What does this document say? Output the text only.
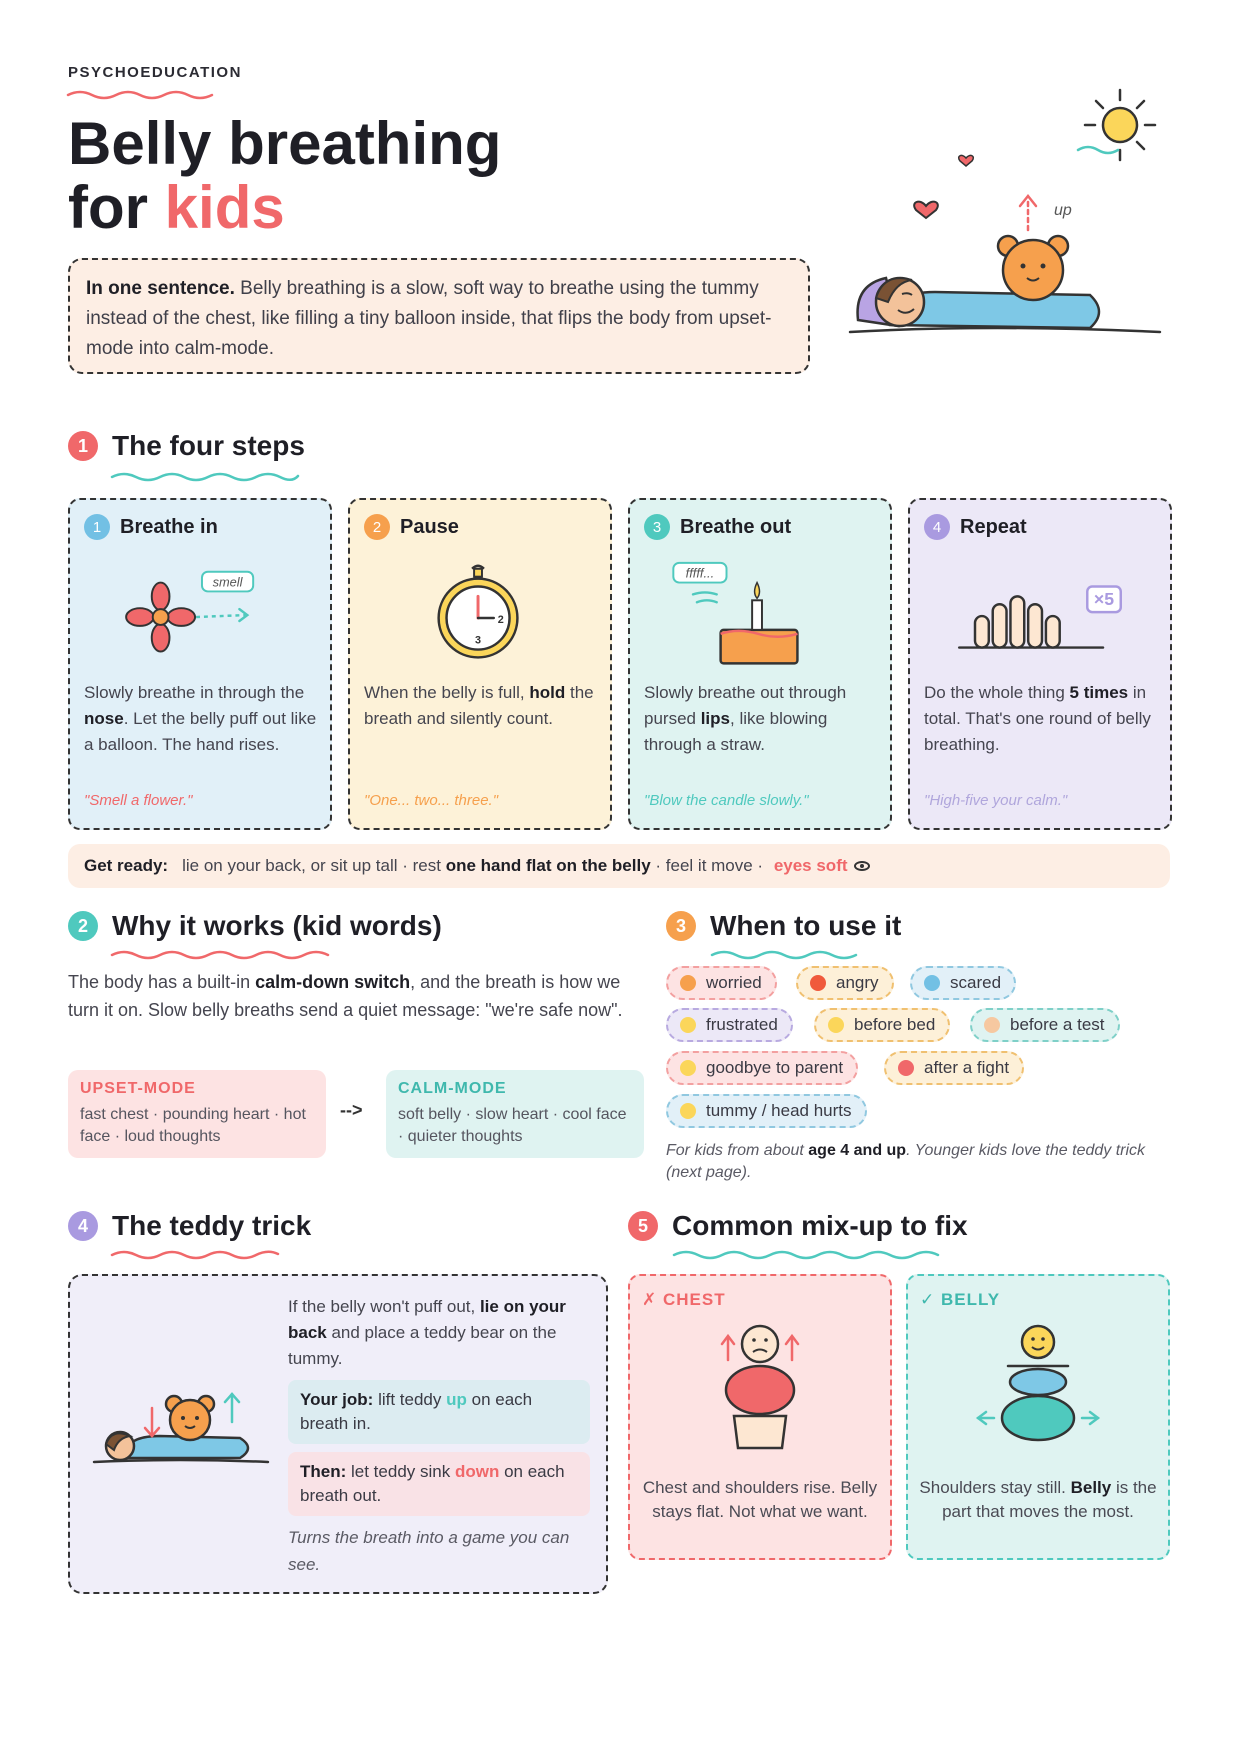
PSYCHOEDUCATION
Belly breathing
for kids
In one sentence. Belly breathing is a slow, soft way to breathe using the tummy instead of the chest, like filling a tiny balloon inside, that flips the body from upset-mode into calm-mode.
up
1 The four steps
1 Breathe in
smell
Slowly breathe in through the nose. Let the belly puff out like a balloon. The hand rises.
"Smell a flower."
2 Pause
2
3
When the belly is full, hold the breath and silently count.
"One... two... three."
3 Breathe out
fffff...
Slowly breathe out through pursed lips, like blowing through a straw.
"Blow the candle slowly."
4 Repeat
×5
Do the whole thing 5 times in total. That's one round of belly breathing.
"High-five your calm."
Get ready: lie on your back, or sit up tall · rest one hand flat on the belly · feel it move · eyes soft
2 Why it works (kid words)
The body has a built-in calm-down switch, and the breath is how we turn it on. Slow belly breaths send a quiet message: "we're safe now".
UPSET-MODE
fast chest · pounding heart · hot face · loud thoughts
-->
CALM-MODE
soft belly · slow heart · cool face · quieter thoughts
3 When to use it
worried	angry	scared
frustrated	before bed	before a test
goodbye to parent	after a fight
tummy / head hurts
For kids from about age 4 and up. Younger kids love the teddy trick (next page).
4 The teddy trick
If the belly won't puff out, lie on your back and place a teddy bear on the tummy.
Your job: lift teddy up on each breath in.
Then: let teddy sink down on each breath out.
Turns the breath into a game you can see.
5 Common mix-up to fix
✗ CHEST
Chest and shoulders rise. Belly stays flat. Not what we want.
✓ BELLY
Shoulders stay still. Belly is the part that moves the most.
